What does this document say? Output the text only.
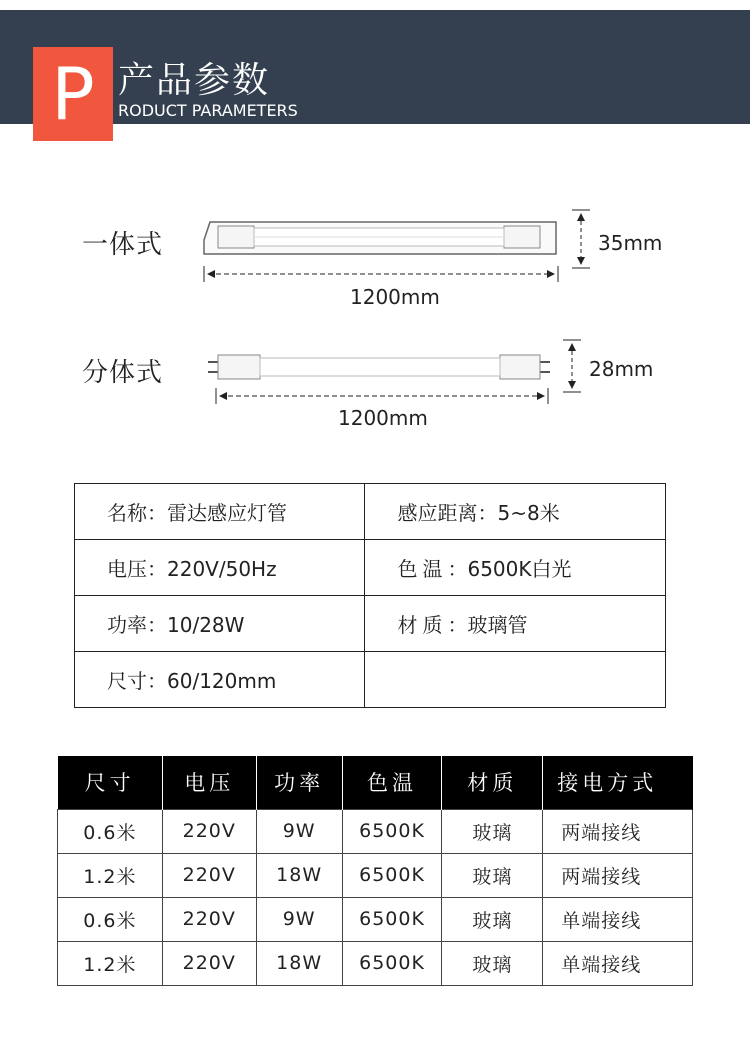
P 产品参数
RODUCT PARAMETERS
一体式
分体式
35mm
1200mm
28mm
1200mm
名称：雷达感应灯管	感应距离：5~8米
电压：220V/50Hz	色温：6500K白光
功率：10/28W	材质：玻璃管
尺寸：60/120mm	
尺寸	电压	功率	色温	材质	接电方式
0.6米	220V	9W	6500K	玻璃	两端接线
1.2米	220V	18W	6500K	玻璃	两端接线
0.6米	220V	9W	6500K	玻璃	单端接线
1.2米	220V	18W	6500K	玻璃	单端接线
